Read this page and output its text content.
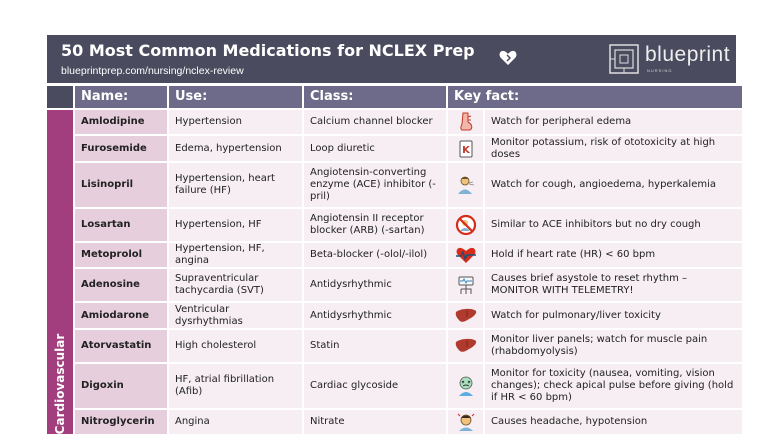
50 Most Common Medications for NCLEX Prep
blueprintprep.com/nursing/nclex-review
blueprint
NURSING
	Name:	Use:	Class:	Key fact:	

Cardiovascular	Amlodipine	Hypertension	Calcium channel blocker		Watch for peripheral edema
	Furosemide	Edema, hypertension	Loop diuretic	K	Monitor potassium, risk of ototoxicity at high doses
	Lisinopril	Hypertension, heart failure (HF)	Angiotensin-converting enzyme (ACE) inhibitor (-pril)		Watch for cough, angioedema, hyperkalemia
	Losartan	Hypertension, HF	Angiotensin II receptor blocker (ARB) (-sartan)		Similar to ACE inhibitors but no dry cough
	Metoprolol	Hypertension, HF, angina	Beta-blocker (-olol/-ilol)		Hold if heart rate (HR) < 60 bpm
	Adenosine	Supraventricular tachycardia (SVT)	Antidysrhythmic		Causes brief asystole to reset rhythm – MONITOR WITH TELEMETRY!
	Amiodarone	Ventricular dysrhythmias	Antidysrhythmic		Watch for pulmonary/liver toxicity
	Atorvastatin	High cholesterol	Statin		Monitor liver panels; watch for muscle pain (rhabdomyolysis)
	Digoxin	HF, atrial fibrillation (Afib)	Cardiac glycoside		Monitor for toxicity (nausea, vomiting, vision changes); check apical pulse before giving (hold if HR < 60 bpm)
	Nitroglycerin	Angina	Nitrate		Causes headache, hypotension
